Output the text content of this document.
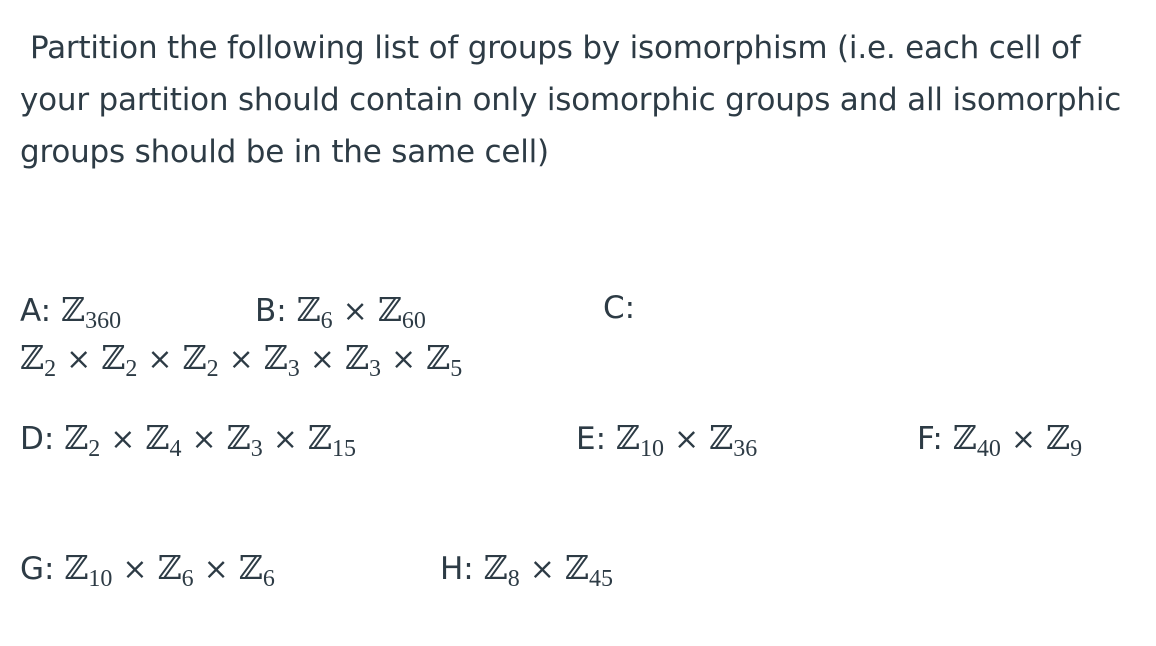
Partition the following list of groups by isomorphism (i.e. each cell of
your partition should contain only isomorphic groups and all isomorphic
groups should be in the same cell)
A: ℤ$_{360}$	B: ℤ$_6$ × ℤ$_{60}$	C:
ℤ$_2$ × ℤ$_2$ × ℤ$_2$ × ℤ$_3$ × ℤ$_3$ × ℤ$_5$
D: ℤ$_2$ × ℤ$_4$ × ℤ$_3$ × ℤ$_{15}$	E: ℤ$_{10}$ × ℤ$_{36}$	F: ℤ$_{40}$ × ℤ$_9$
G: ℤ$_{10}$ × ℤ$_6$ × ℤ$_6$	H: ℤ$_8$ × ℤ$_{45}$
